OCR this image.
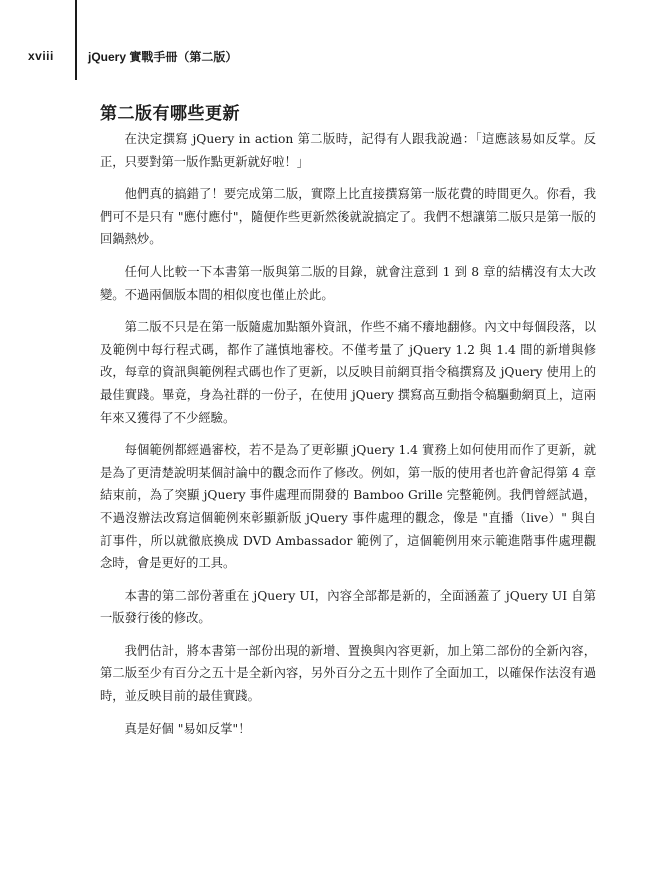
xviii	jQuery 實戰手冊（第二版）
第二版有哪些更新

在決定撰寫 jQuery in action 第二版時，記得有人跟我說過：「這應該易如反掌。反正，只要對第一版作點更新就好啦！」

他們真的搞錯了！要完成第二版，實際上比直接撰寫第一版花費的時間更久。你看，我們可不是只有 "應付應付"，隨便作些更新然後就說搞定了。我們不想讓第二版只是第一版的回鍋熱炒。

任何人比較一下本書第一版與第二版的目錄，就會注意到 1 到 8 章的結構沒有太大改變。不過兩個版本間的相似度也僅止於此。

第二版不只是在第一版隨處加點額外資訊，作些不痛不癢地翻修。內文中每個段落，以及範例中每行程式碼，都作了謹慎地審校。不僅考量了 jQuery 1.2 與 1.4 間的新增與修改，每章的資訊與範例程式碼也作了更新，以反映目前網頁指令稿撰寫及 jQuery 使用上的最佳實踐。畢竟，身為社群的一份子，在使用 jQuery 撰寫高互動指令稿驅動網頁上，這兩年來又獲得了不少經驗。

每個範例都經過審校，若不是為了更彰顯 jQuery 1.4 實務上如何使用而作了更新，就是為了更清楚說明某個討論中的觀念而作了修改。例如，第一版的使用者也許會記得第 4 章結束前，為了突顯 jQuery 事件處理而開發的 Bamboo Grille 完整範例。我們曾經試過，不過沒辦法改寫這個範例來彰顯新版 jQuery 事件處理的觀念，像是 "直播（live）" 與自訂事件，所以就徹底換成 DVD Ambassador 範例了，這個範例用來示範進階事件處理觀念時，會是更好的工具。

本書的第二部份著重在 jQuery UI，內容全部都是新的，全面涵蓋了 jQuery UI 自第一版發行後的修改。

我們估計，將本書第一部份出現的新增、置換與內容更新，加上第二部份的全新內容，第二版至少有百分之五十是全新內容，另外百分之五十則作了全面加工，以確保作法沒有過時，並反映目前的最佳實踐。

真是好個 "易如反掌"！
